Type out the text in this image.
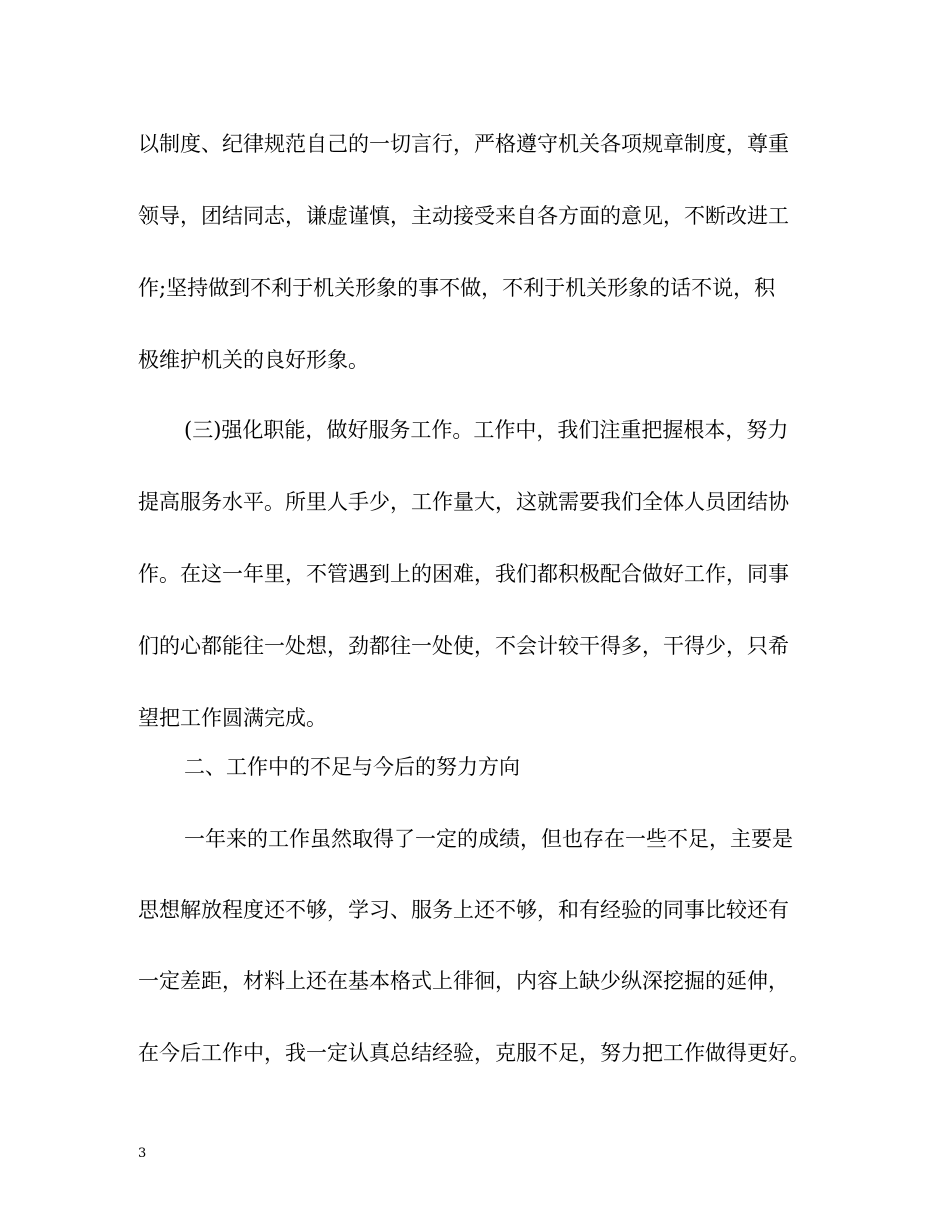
以制度、纪律规范自己的一切言行，严格遵守机关各项规章制度，尊重
领导，团结同志，谦虚谨慎，主动接受来自各方面的意见，不断改进工
作;坚持做到不利于机关形象的事不做，不利于机关形象的话不说，积
极维护机关的良好形象。
(三)强化职能，做好服务工作。工作中，我们注重把握根本，努力
提高服务水平。所里人手少，工作量大，这就需要我们全体人员团结协
作。在这一年里，不管遇到上的困难，我们都积极配合做好工作，同事
们的心都能往一处想，劲都往一处使，不会计较干得多，干得少，只希
望把工作圆满完成。
二、工作中的不足与今后的努力方向
一年来的工作虽然取得了一定的成绩，但也存在一些不足，主要是
思想解放程度还不够，学习、服务上还不够，和有经验的同事比较还有
一定差距，材料上还在基本格式上徘徊，内容上缺少纵深挖掘的延伸，
在今后工作中，我一定认真总结经验，克服不足，努力把工作做得更好。
3
